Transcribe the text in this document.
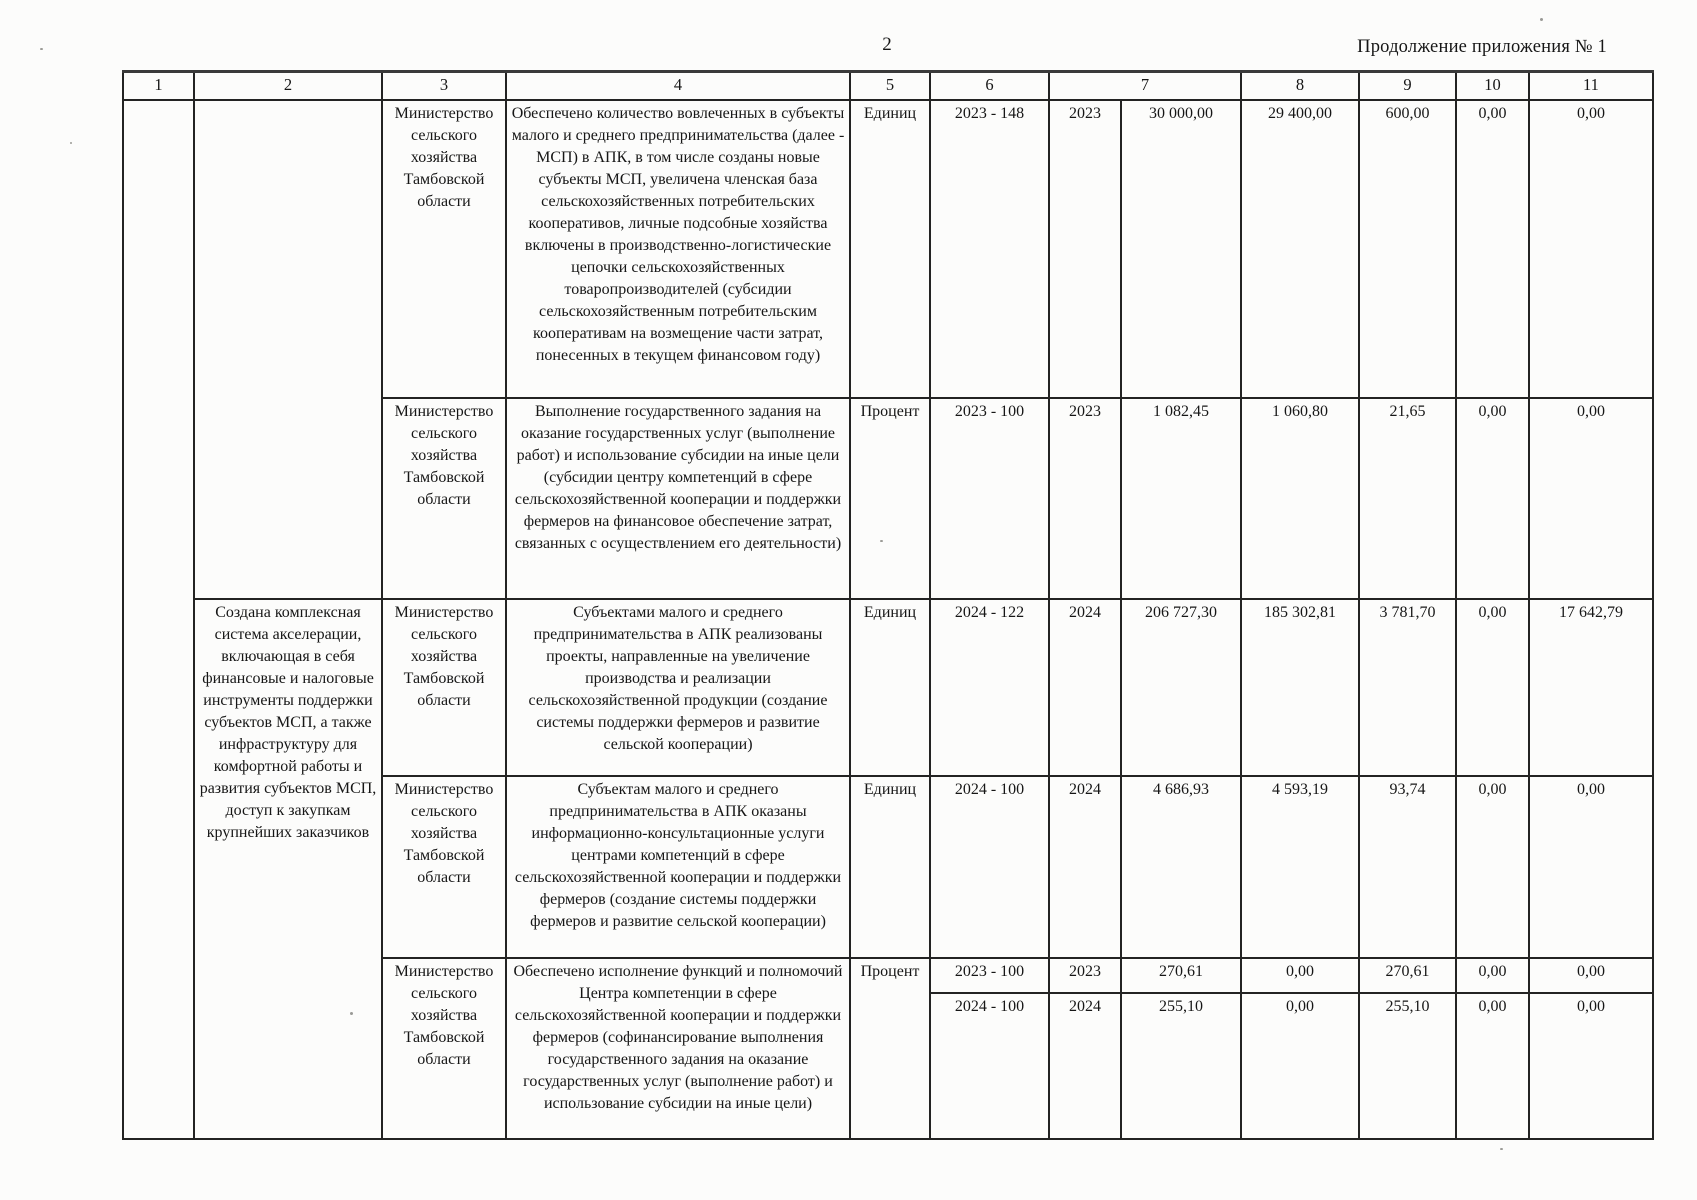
2	Продолжение приложения № 1
1	2	3	4	5	6	7		8	9	10	11
		Министерство сельского хозяйства Тамбовской области	Обеспечено количество вовлеченных в субъекты малого и среднего предпринимательства (далее - МСП) в АПК, в том числе созданы новые субъекты МСП, увеличена членская база сельскохозяйственных потребительских кооперативов, личные подсобные хозяйства включены в производственно-логистические цепочки сельскохозяйственных товаропроизводителей (субсидии сельскохозяйственным потребительским кооперативам на возмещение части затрат, понесенных в текущем финансовом году)	Единиц	2023 - 148	2023	30 000,00	29 400,00	600,00	0,00	0,00
		Министерство сельского хозяйства Тамбовской области	Выполнение государственного задания на оказание государственных услуг (выполнение работ) и использование субсидии на иные цели (субсидии центру компетенций в сфере сельскохозяйственной кооперации и поддержки фермеров на финансовое обеспечение затрат, связанных с осуществлением его деятельности)	Процент	2023 - 100	2023	1 082,45	1 060,80	21,65	0,00	0,00
Создана комплексная система акселерации, включающая в себя финансовые и налоговые инструменты поддержки субъектов МСП, а также инфраструктуру для комфортной работы и развития субъектов МСП, доступ к закупкам крупнейших заказчиков	Министерство сельского хозяйства Тамбовской области	Субъектами малого и среднего предпринимательства в АПК реализованы проекты, направленные на увеличение производства и реализации сельскохозяйственной продукции (создание системы поддержки фермеров и развитие сельской кооперации)	Единиц	2024 - 122	2024	206 727,30	185 302,81	3 781,70	0,00	17 642,79
		Министерство сельского хозяйства Тамбовской области	Субъектам малого и среднего предпринимательства в АПК оказаны информационно-консультационные услуги центрами компетенций в сфере сельскохозяйственной кооперации и поддержки фермеров (создание системы поддержки фермеров и развитие сельской кооперации)	Единиц	2024 - 100	2024	4 686,93	4 593,19	93,74	0,00	0,00
		Министерство сельского хозяйства Тамбовской области	Обеспечено исполнение функций и полномочий Центра компетенции в сфере сельскохозяйственной кооперации и поддержки фермеров (софинансирование выполнения государственного задания на оказание государственных услуг (выполнение работ) и использование субсидии на иные цели)	Процент	2023 - 100	2023	270,61	0,00	270,61	0,00	0,00
					2024 - 100	2024	255,10	0,00	255,10	0,00	0,00
